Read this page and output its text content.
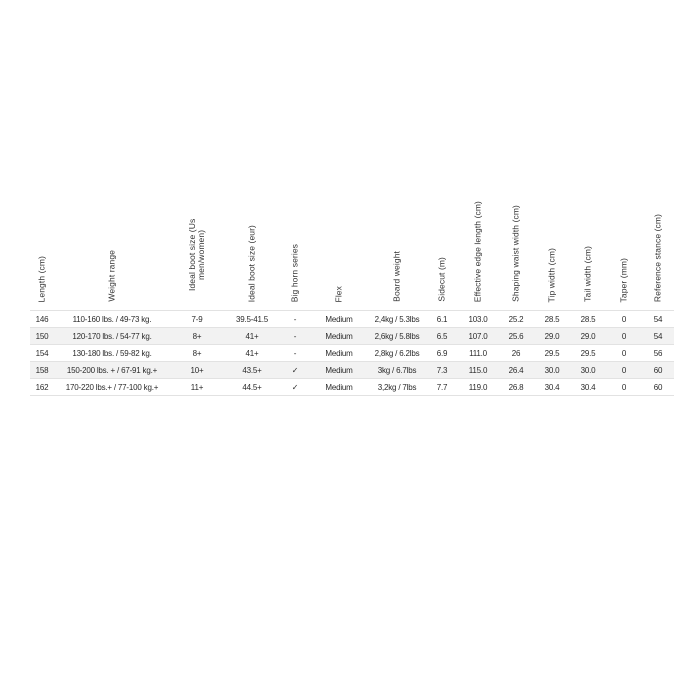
Length (cm)	Weight range	Ideal boot size (Us men/women)	Ideal boot size (eur)	Big horn series	Flex	Board weight	Sidecut (m)	Effective edge length (cm)	Shaping waist width (cm)	Tip width (cm)	Tail width (cm)	Taper (mm)	Reference stance (cm)

146	110-160 lbs. / 49-73 kg.	7-9	39.5-41.5	-	Medium	2,4kg / 5.3lbs	6.1	103.0	25.2	28.5	28.5	0	54
150	120-170 lbs. / 54-77 kg.	8+	41+	-	Medium	2,6kg / 5.8lbs	6.5	107.0	25.6	29.0	29.0	0	54
154	130-180 lbs. / 59-82 kg.	8+	41+	-	Medium	2,8kg / 6.2lbs	6.9	111.0	26	29.5	29.5	0	56
158	150-200 lbs. + / 67-91 kg.+	10+	43.5+	✓	Medium	3kg / 6.7lbs	7.3	115.0	26.4	30.0	30.0	0	60
162	170-220 lbs.+ / 77-100 kg.+	11+	44.5+	✓	Medium	3,2kg / 7lbs	7.7	119.0	26.8	30.4	30.4	0	60
